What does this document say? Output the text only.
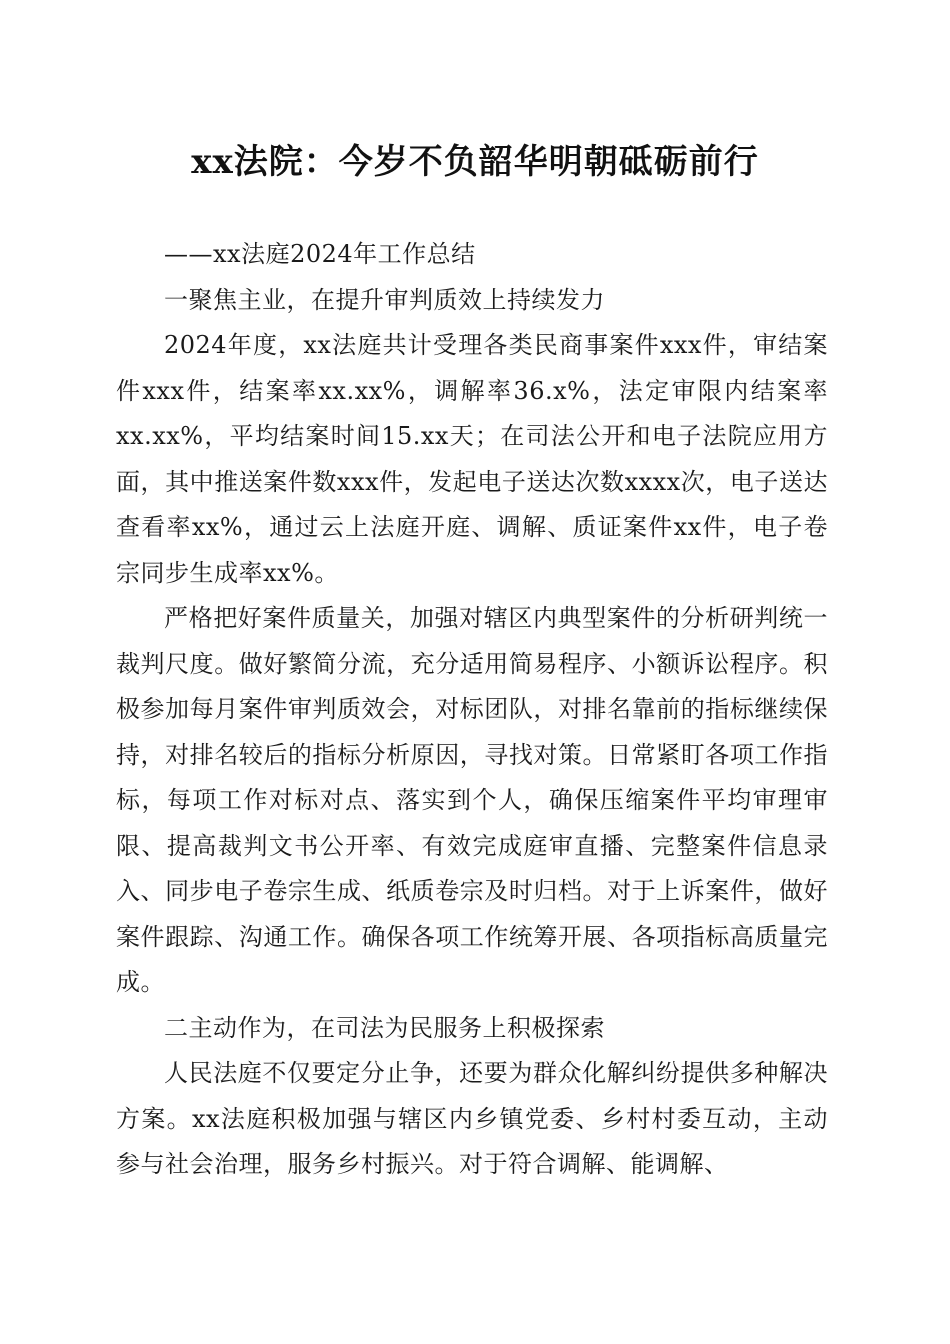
xx法院：今岁不负韶华明朝砥砺前行

——xx法庭2024年工作总结

一聚焦主业，在提升审判质效上持续发力

2024年度，xx法庭共计受理各类民商事案件xxx件，审结案件xxx件，结案率xx.xx%，调解率36.x%，法定审限内结案率xx.xx%，平均结案时间15.xx天；在司法公开和电子法院应用方面，其中推送案件数xxx件，发起电子送达次数xxxx次，电子送达查看率xx%，通过云上法庭开庭、调解、质证案件xx件，电子卷宗同步生成率xx%。

严格把好案件质量关，加强对辖区内典型案件的分析研判统一裁判尺度。做好繁简分流，充分适用简易程序、小额诉讼程序。积极参加每月案件审判质效会，对标团队，对排名靠前的指标继续保持，对排名较后的指标分析原因，寻找对策。日常紧盯各项工作指标，每项工作对标对点、落实到个人，确保压缩案件平均审理审限、提高裁判文书公开率、有效完成庭审直播、完整案件信息录入、同步电子卷宗生成、纸质卷宗及时归档。对于上诉案件，做好案件跟踪、沟通工作。确保各项工作统筹开展、各项指标高质量完成。

二主动作为，在司法为民服务上积极探索

人民法庭不仅要定分止争，还要为群众化解纠纷提供多种解决方案。xx法庭积极加强与辖区内乡镇党委、乡村村委互动，主动参与社会治理，服务乡村振兴。对于符合调解、能调解、
